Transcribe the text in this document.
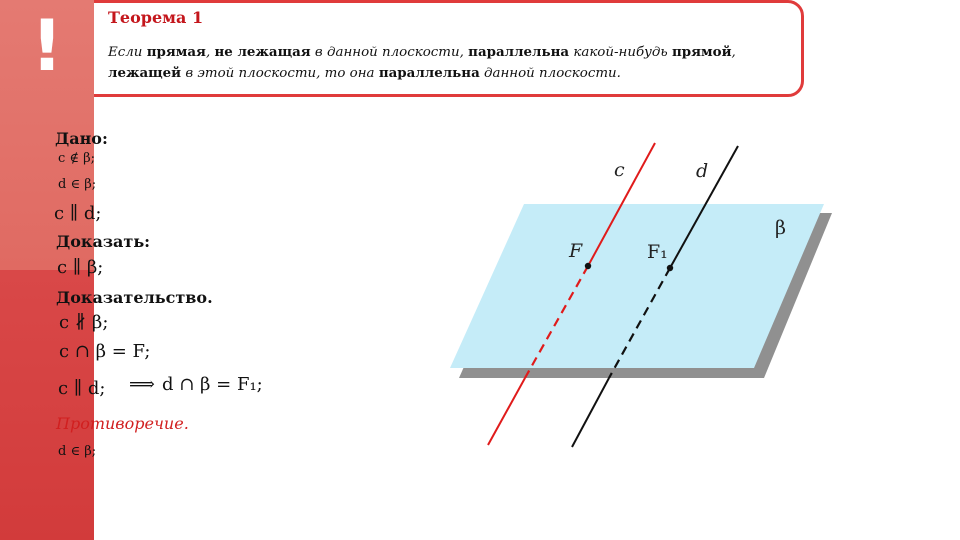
!	Теорема 1
Если прямая, не лежащая в данной плоскости, параллельна какой-нибудь прямой, лежащей в этой плоскости, то она параллельна данной плоскости.
Дано:
c ∉ β;
d ∈ β;
c ∥ d;
Доказать:
c ∥ β;
Доказательство.
c ∦ β;
c ∩ β = F;
c ∥ d; ⟹ d ∩ β = F₁;
Противоречие.
d ∈ β;
c	d
β
F	F₁
